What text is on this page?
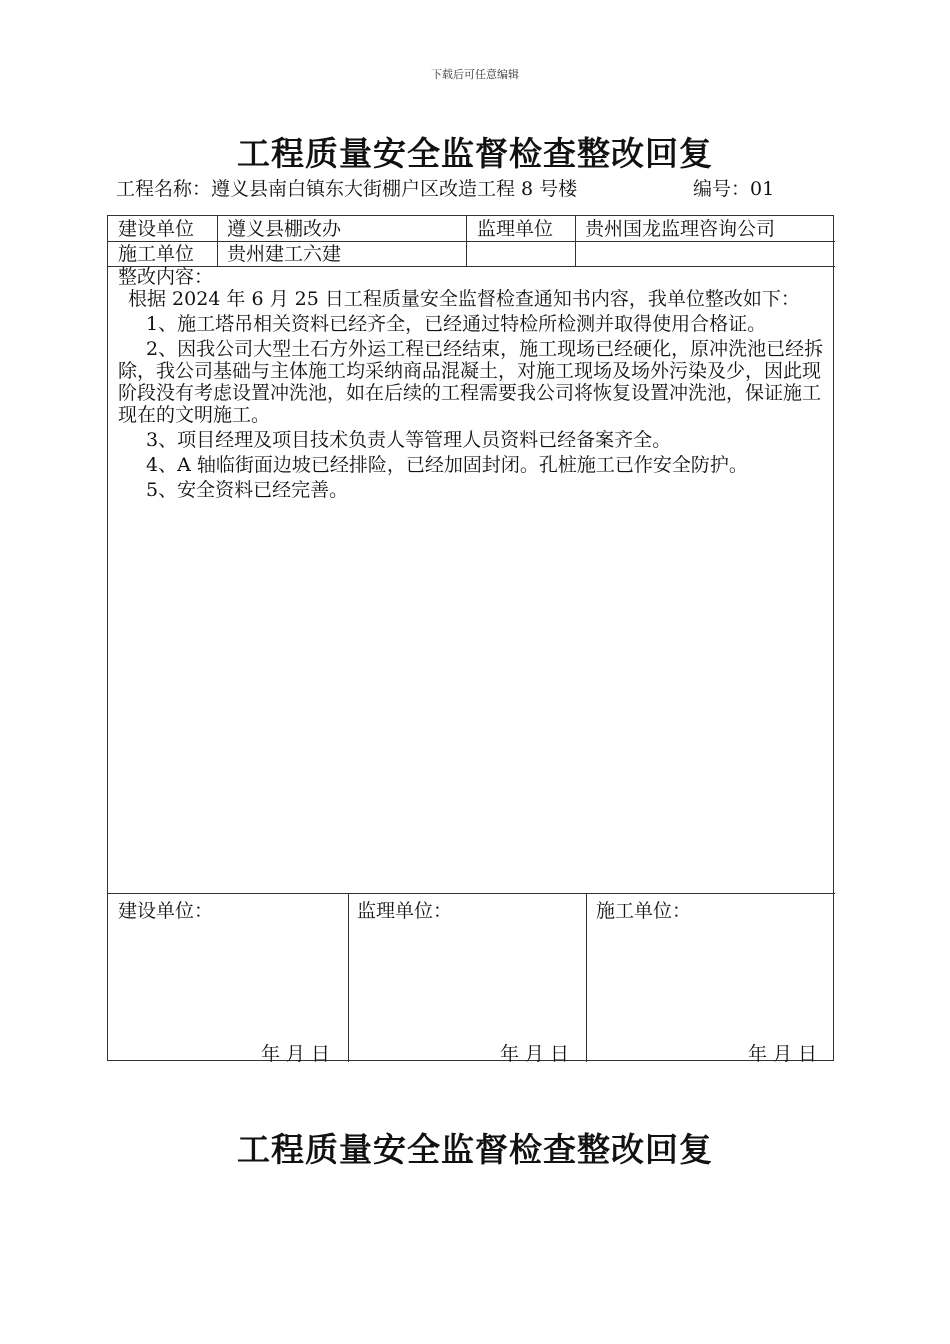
下载后可任意编辑
工程质量安全监督检查整改回复
工程名称：遵义县南白镇东大街棚户区改造工程 8 号楼	编号：01
建设单位 遵义县棚改办	监理单位 贵州国龙监理咨询公司
施工单位 贵州建工六建

整改内容：

根据 2024 年 6 月 25 日工程质量安全监督检查通知书内容，我单位整改如下：

1、施工塔吊相关资料已经齐全，已经通过特检所检测并取得使用合格证。

2、因我公司大型土石方外运工程已经结束，施工现场已经硬化，原冲洗池已经拆除，我公司基础与主体施工均采纳商品混凝土，对施工现场及场外污染及少，因此现阶段没有考虑设置冲洗池，如在后续的工程需要我公司将恢复设置冲洗池，保证施工现在的文明施工。

3、项目经理及项目技术负责人等管理人员资料已经备案齐全。

4、A 轴临街面边坡已经排险，已经加固封闭。孔桩施工已作安全防护。

5、安全资料已经完善。

建设单位：	监理单位：	施工单位：
年月日	年月日	年月日
工程质量安全监督检查整改回复
